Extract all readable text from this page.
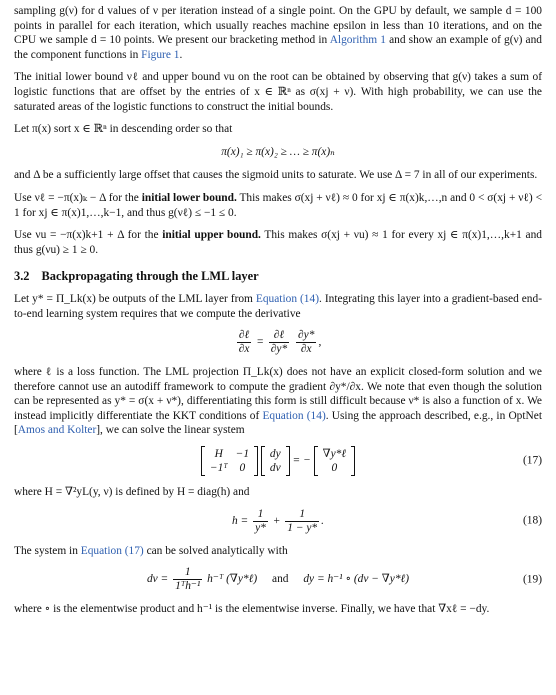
sampling g(ν) for d values of ν per iteration instead of a single point. On the GPU by default, we sample d = 100 points in parallel for each iteration, which usually reaches machine epsilon in less than 10 iterations, and on the CPU we sample d = 10 points. We present our bracketing method in Algorithm 1 and show an example of g(ν) and the component functions in Figure 1.

The initial lower bound νℓ and upper bound νu on the root can be obtained by observing that g(ν) takes a sum of logistic functions that are offset by the entries of x ∈ ℝⁿ as σ(xj + ν). With high probability, we can use the saturated areas of the logistic functions to construct the initial bounds.

Let π(x) sort x ∈ ℝⁿ in descending order so that

π(x)₁ ≥ π(x)₂ ≥ … ≥ π(x)ₙ

and Δ be a sufficiently large offset that causes the sigmoid units to saturate. We use Δ = 7 in all of our experiments.

Use νℓ = −π(x)ₖ − Δ for the initial lower bound. This makes σ(xj + νℓ) ≈ 0 for xj ∈ π(x)k,…,n and 0 < σ(xj + νℓ) < 1 for xj ∈ π(x)1,…,k−1, and thus g(νℓ) ≤ −1 ≤ 0.

Use νu = −π(x)k+1 + Δ for the initial upper bound. This makes σ(xj + νu) ≈ 1 for every xj ∈ π(x)1,…,k+1 and thus g(νu) ≥ 1 ≥ 0.

3.2 Backpropagating through the LML layer

Let y* = Π_Lk(x) be outputs of the LML layer from Equation (14). Integrating this layer into a gradient-based end-to-end learning system requires that we compute the derivative

$\frac{\text{∂ℓ}}{\partial x} = \frac{\text{∂ℓ}}{\partial y*}$
$\frac{\partial y*}{\partial x}$ ,

where ℓ is a loss function. The LML projection Π_Lk(x) does not have an explicit closed-form solution and we therefore cannot use an autodiff framework to compute the gradient ∂y*/∂x. We note that even though the solution can be represented as y* = σ(x + ν*), differentiating this form is still difficult because ν* is also a function of x. We instead implicitly differentiate the KKT conditions of Equation (14). Using the approach described, e.g., in OptNet [Amos and Kolter], we can solve the linear system

H	−1
−1ᵀ	0

dy
dν
= −
∇y*ℓ
0
(17)

where H = ∇²yL(y, ν) is defined by H = diag(h) and

$h = \frac{1}{y*} + \frac{1}{1 - y*}$ .	(18)

The system in Equation (17) can be solved analytically with

$d\nu = \frac{1}{\text{1ᵀh⁻¹}}$ h⁻ᵀ (∇y*ℓ) and dy = h⁻¹ ∘ (dν − ∇y*ℓ)	(19)

where ∘ is the elementwise product and h⁻¹ is the elementwise inverse. Finally, we have that ∇xℓ = −dy.
